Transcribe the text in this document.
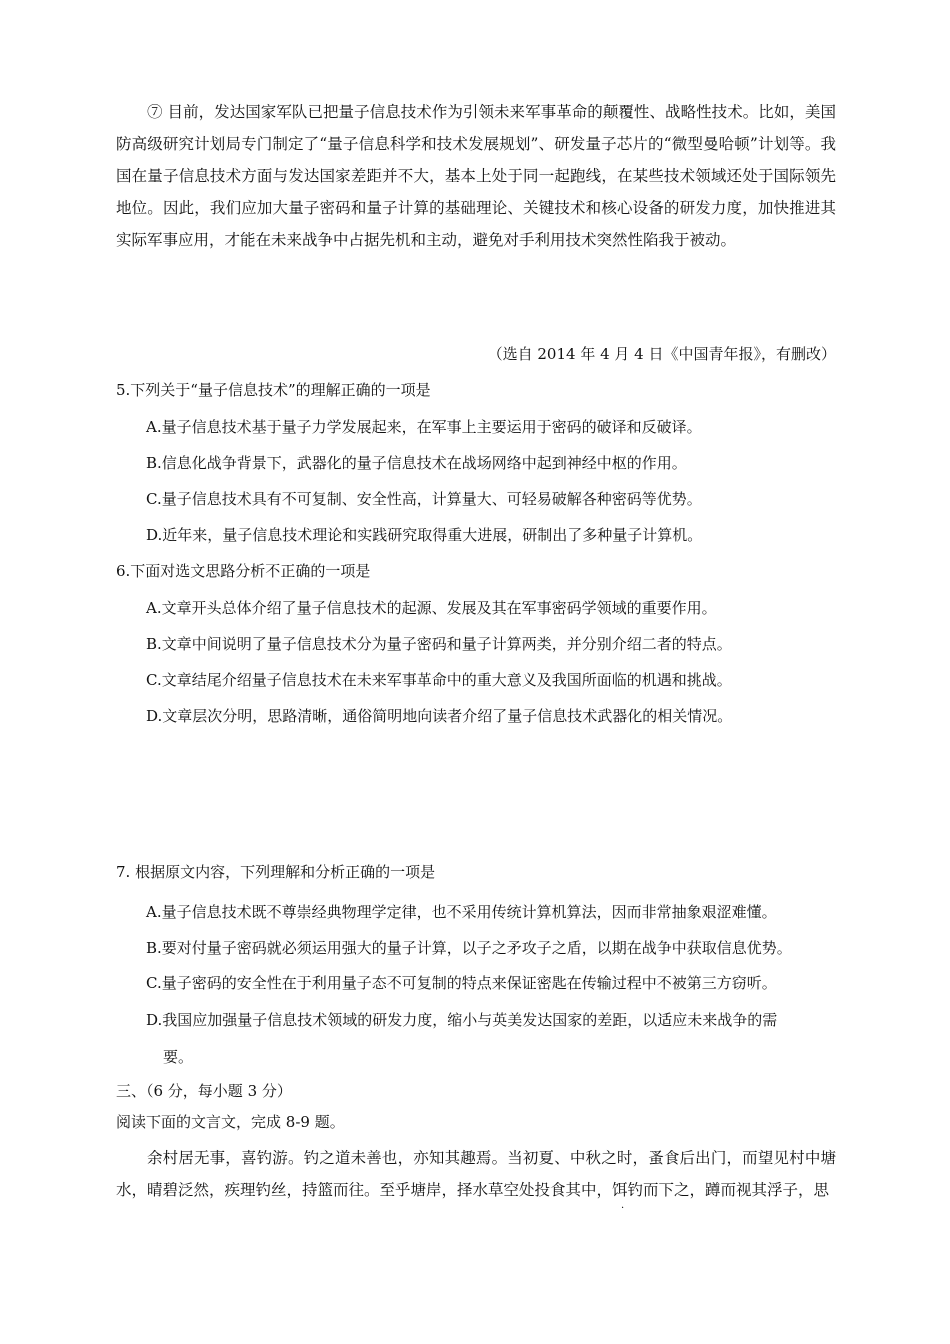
⑦ 目前，发达国家军队已把量子信息技术作为引领未来军事革命的颠覆性、战略性技术。比如，美国防高级研究计划局专门制定了“量子信息科学和技术发展规划”、研发量子芯片的“微型曼哈顿”计划等。我国在量子信息技术方面与发达国家差距并不大，基本上处于同一起跑线，在某些技术领域还处于国际领先地位。因此，我们应加大量子密码和量子计算的基础理论、关键技术和核心设备的研发力度，加快推进其实际军事应用，才能在未来战争中占据先机和主动，避免对手利用技术突然性陷我于被动。
（选自 2014 年 4 月 4 日《中国青年报》，有删改）
5.下列关于“量子信息技术”的理解正确的一项是
A.量子信息技术基于量子力学发展起来，在军事上主要运用于密码的破译和反破译。
B.信息化战争背景下，武器化的量子信息技术在战场网络中起到神经中枢的作用。
C.量子信息技术具有不可复制、安全性高，计算量大、可轻易破解各种密码等优势。
D.近年来，量子信息技术理论和实践研究取得重大进展，研制出了多种量子计算机。
6.下面对选文思路分析不正确的一项是
A.文章开头总体介绍了量子信息技术的起源、发展及其在军事密码学领域的重要作用。
B.文章中间说明了量子信息技术分为量子密码和量子计算两类，并分别介绍二者的特点。
C.文章结尾介绍量子信息技术在未来军事革命中的重大意义及我国所面临的机遇和挑战。
D.文章层次分明，思路清晰，通俗简明地向读者介绍了量子信息技术武器化的相关情况。
7. 根据原文内容，下列理解和分析正确的一项是
A.量子信息技术既不尊崇经典物理学定律，也不采用传统计算机算法，因而非常抽象艰涩难懂。
B.要对付量子密码就必须运用强大的量子计算，以子之矛攻子之盾，以期在战争中获取信息优势。
C.量子密码的安全性在于利用量子态不可复制的特点来保证密匙在传输过程中不被第三方窃听。
D.我国应加强量子信息技术领域的研发力度，缩小与英美发达国家的差距，以适应未来战争的需
要。
三、（6 分，每小题 3 分）
阅读下面的文言文，完成 8-9 题。
余村居无事，喜钓游。钓之道未善也，亦知其趣焉。当初夏、中秋之时，蚤食后出门，而望见村中塘水，晴碧泛然，疾理钓丝，持篮而往。至乎塘岸，择水草空处投食其中，饵钓而下之，蹲而视其浮子，思
·
